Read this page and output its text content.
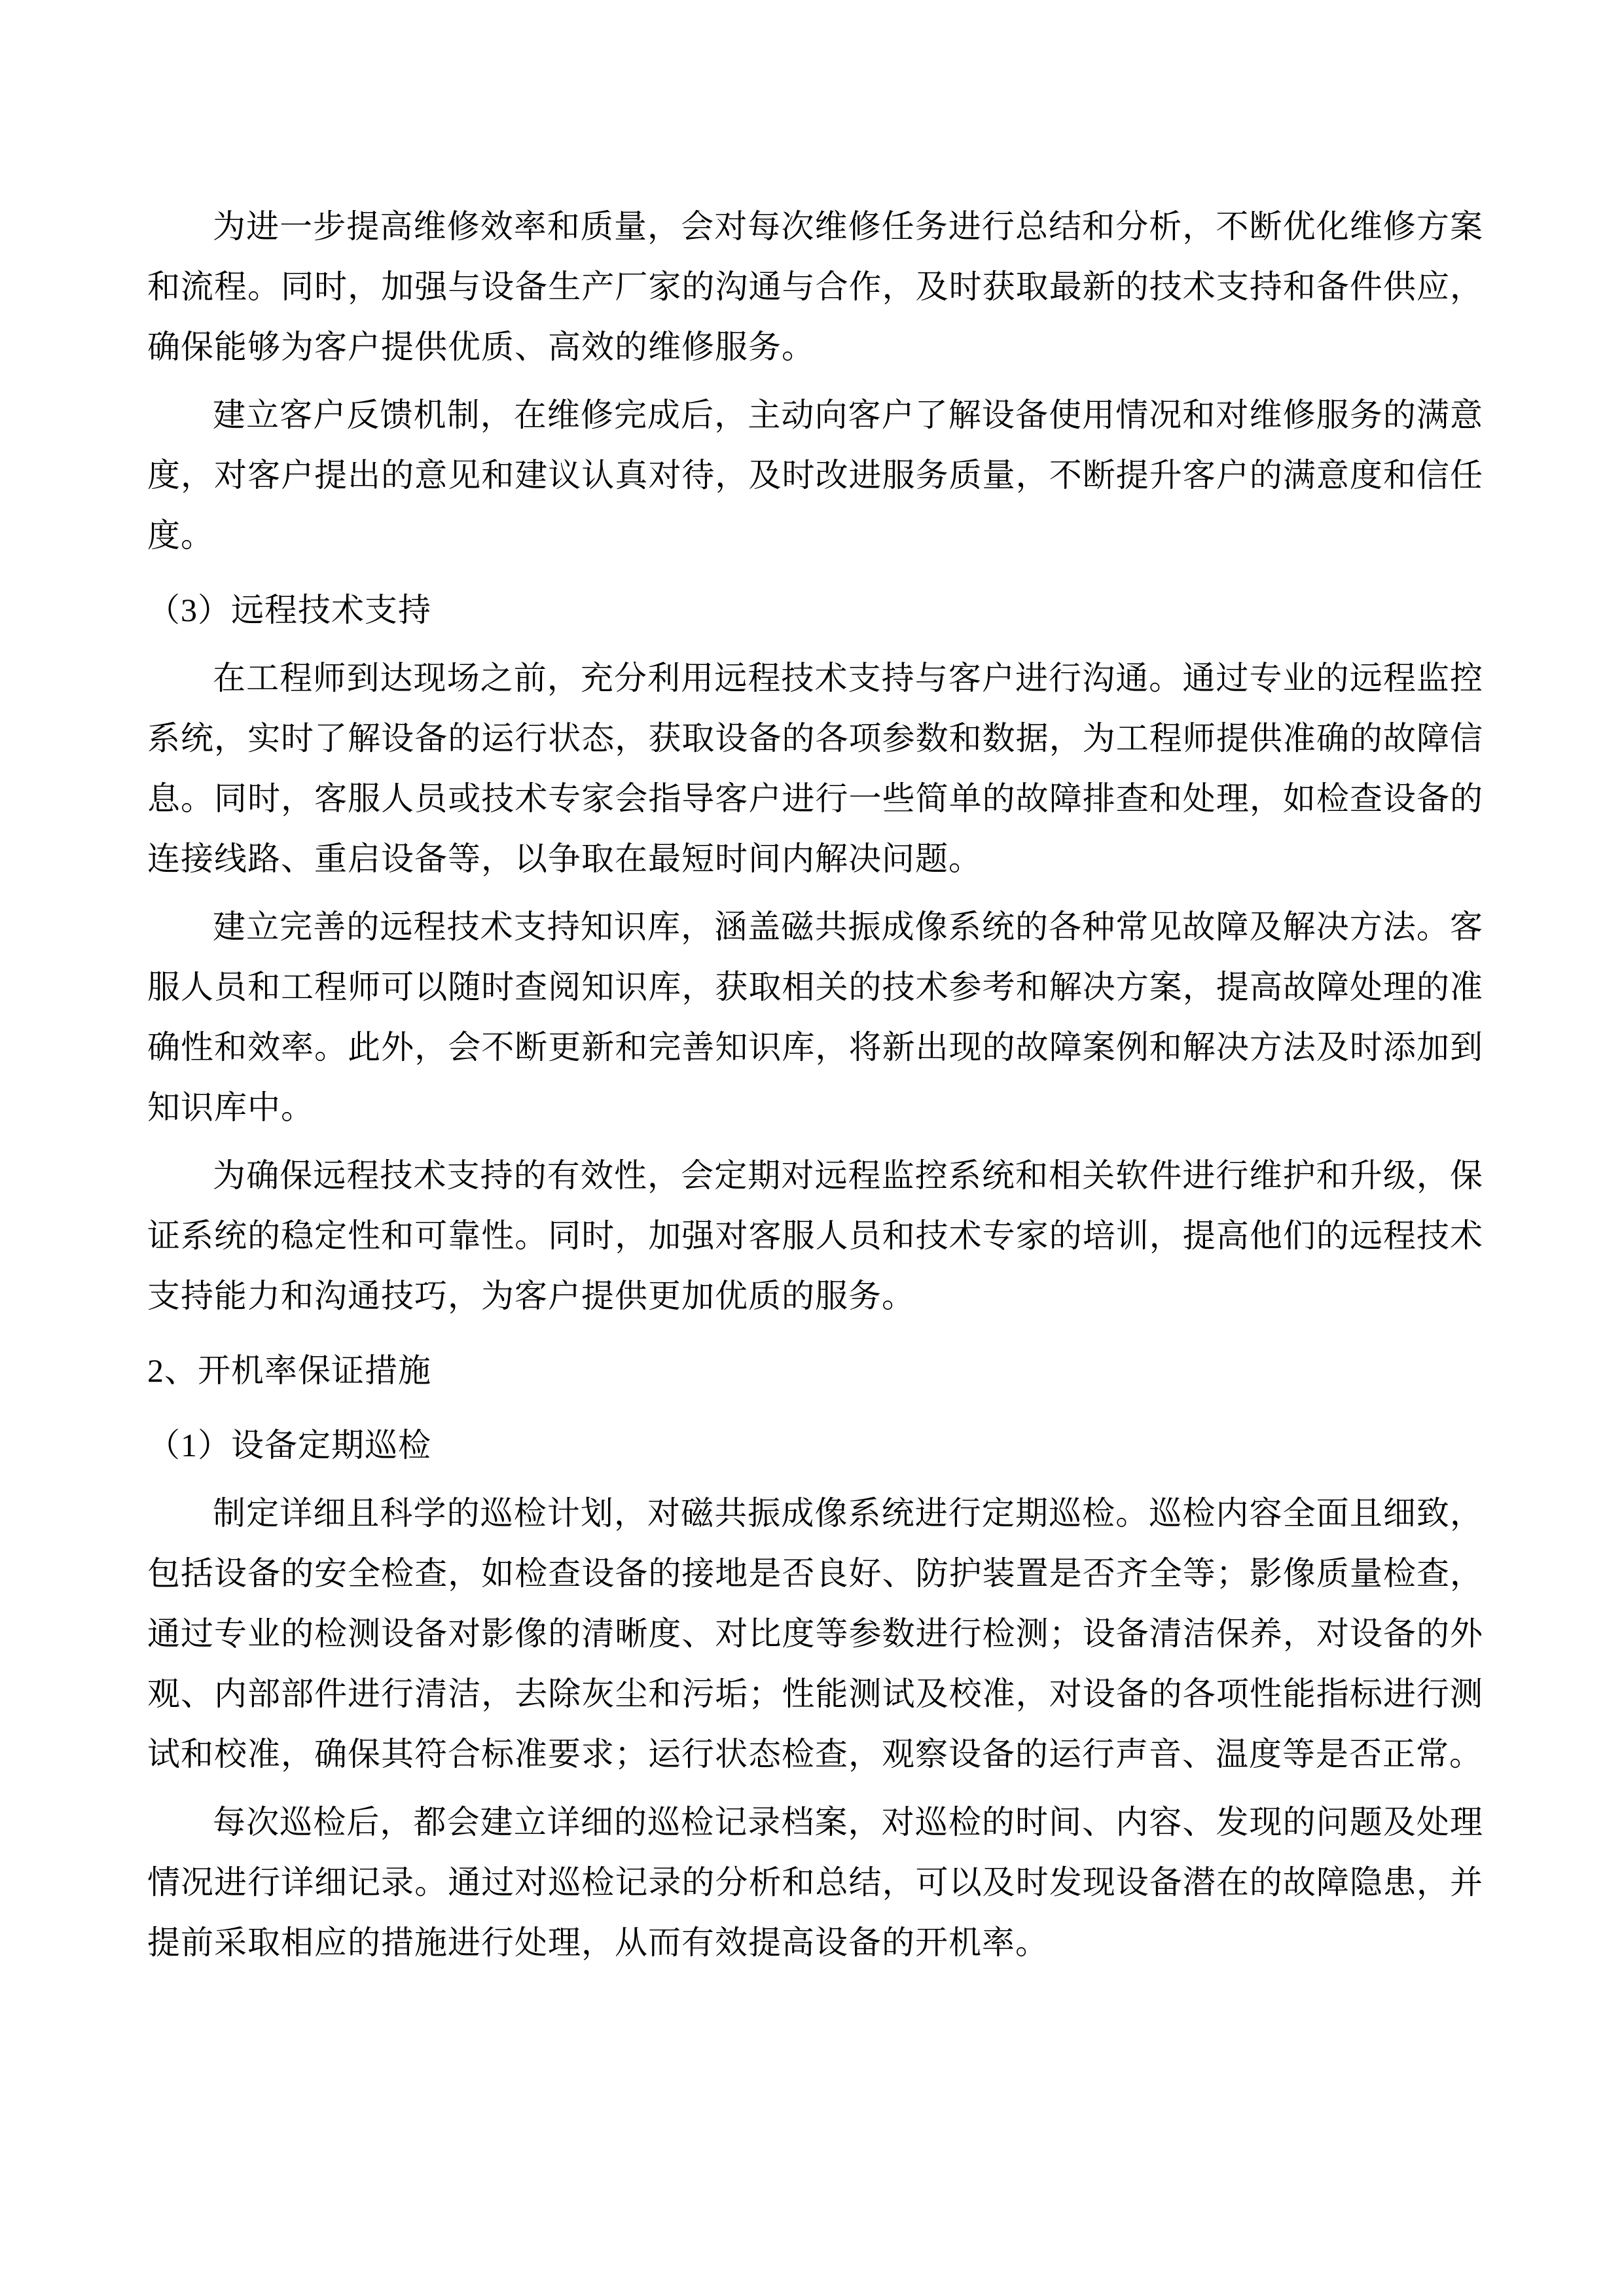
为进一步提高维修效率和质量，会对每次维修任务进行总结和分析，不断优化维修方案和流程。同时，加强与设备生产厂家的沟通与合作，及时获取最新的技术支持和备件供应，确保能够为客户提供优质、高效的维修服务。

建立客户反馈机制，在维修完成后，主动向客户了解设备使用情况和对维修服务的满意度，对客户提出的意见和建议认真对待，及时改进服务质量，不断提升客户的满意度和信任度。

（3）远程技术支持

在工程师到达现场之前，充分利用远程技术支持与客户进行沟通。通过专业的远程监控系统，实时了解设备的运行状态，获取设备的各项参数和数据，为工程师提供准确的故障信息。同时，客服人员或技术专家会指导客户进行一些简单的故障排查和处理，如检查设备的连接线路、重启设备等，以争取在最短时间内解决问题。

建立完善的远程技术支持知识库，涵盖磁共振成像系统的各种常见故障及解决方法。客服人员和工程师可以随时查阅知识库，获取相关的技术参考和解决方案，提高故障处理的准确性和效率。此外，会不断更新和完善知识库，将新出现的故障案例和解决方法及时添加到知识库中。

为确保远程技术支持的有效性，会定期对远程监控系统和相关软件进行维护和升级，保证系统的稳定性和可靠性。同时，加强对客服人员和技术专家的培训，提高他们的远程技术支持能力和沟通技巧，为客户提供更加优质的服务。

2、开机率保证措施

（1）设备定期巡检

制定详细且科学的巡检计划，对磁共振成像系统进行定期巡检。巡检内容全面且细致，包括设备的安全检查，如检查设备的接地是否良好、防护装置是否齐全等；影像质量检查，通过专业的检测设备对影像的清晰度、对比度等参数进行检测；设备清洁保养，对设备的外观、内部部件进行清洁，去除灰尘和污垢；性能测试及校准，对设备的各项性能指标进行测试和校准，确保其符合标准要求；运行状态检查，观察设备的运行声音、温度等是否正常。

每次巡检后，都会建立详细的巡检记录档案，对巡检的时间、内容、发现的问题及处理情况进行详细记录。通过对巡检记录的分析和总结，可以及时发现设备潜在的故障隐患，并提前采取相应的措施进行处理，从而有效提高设备的开机率。
